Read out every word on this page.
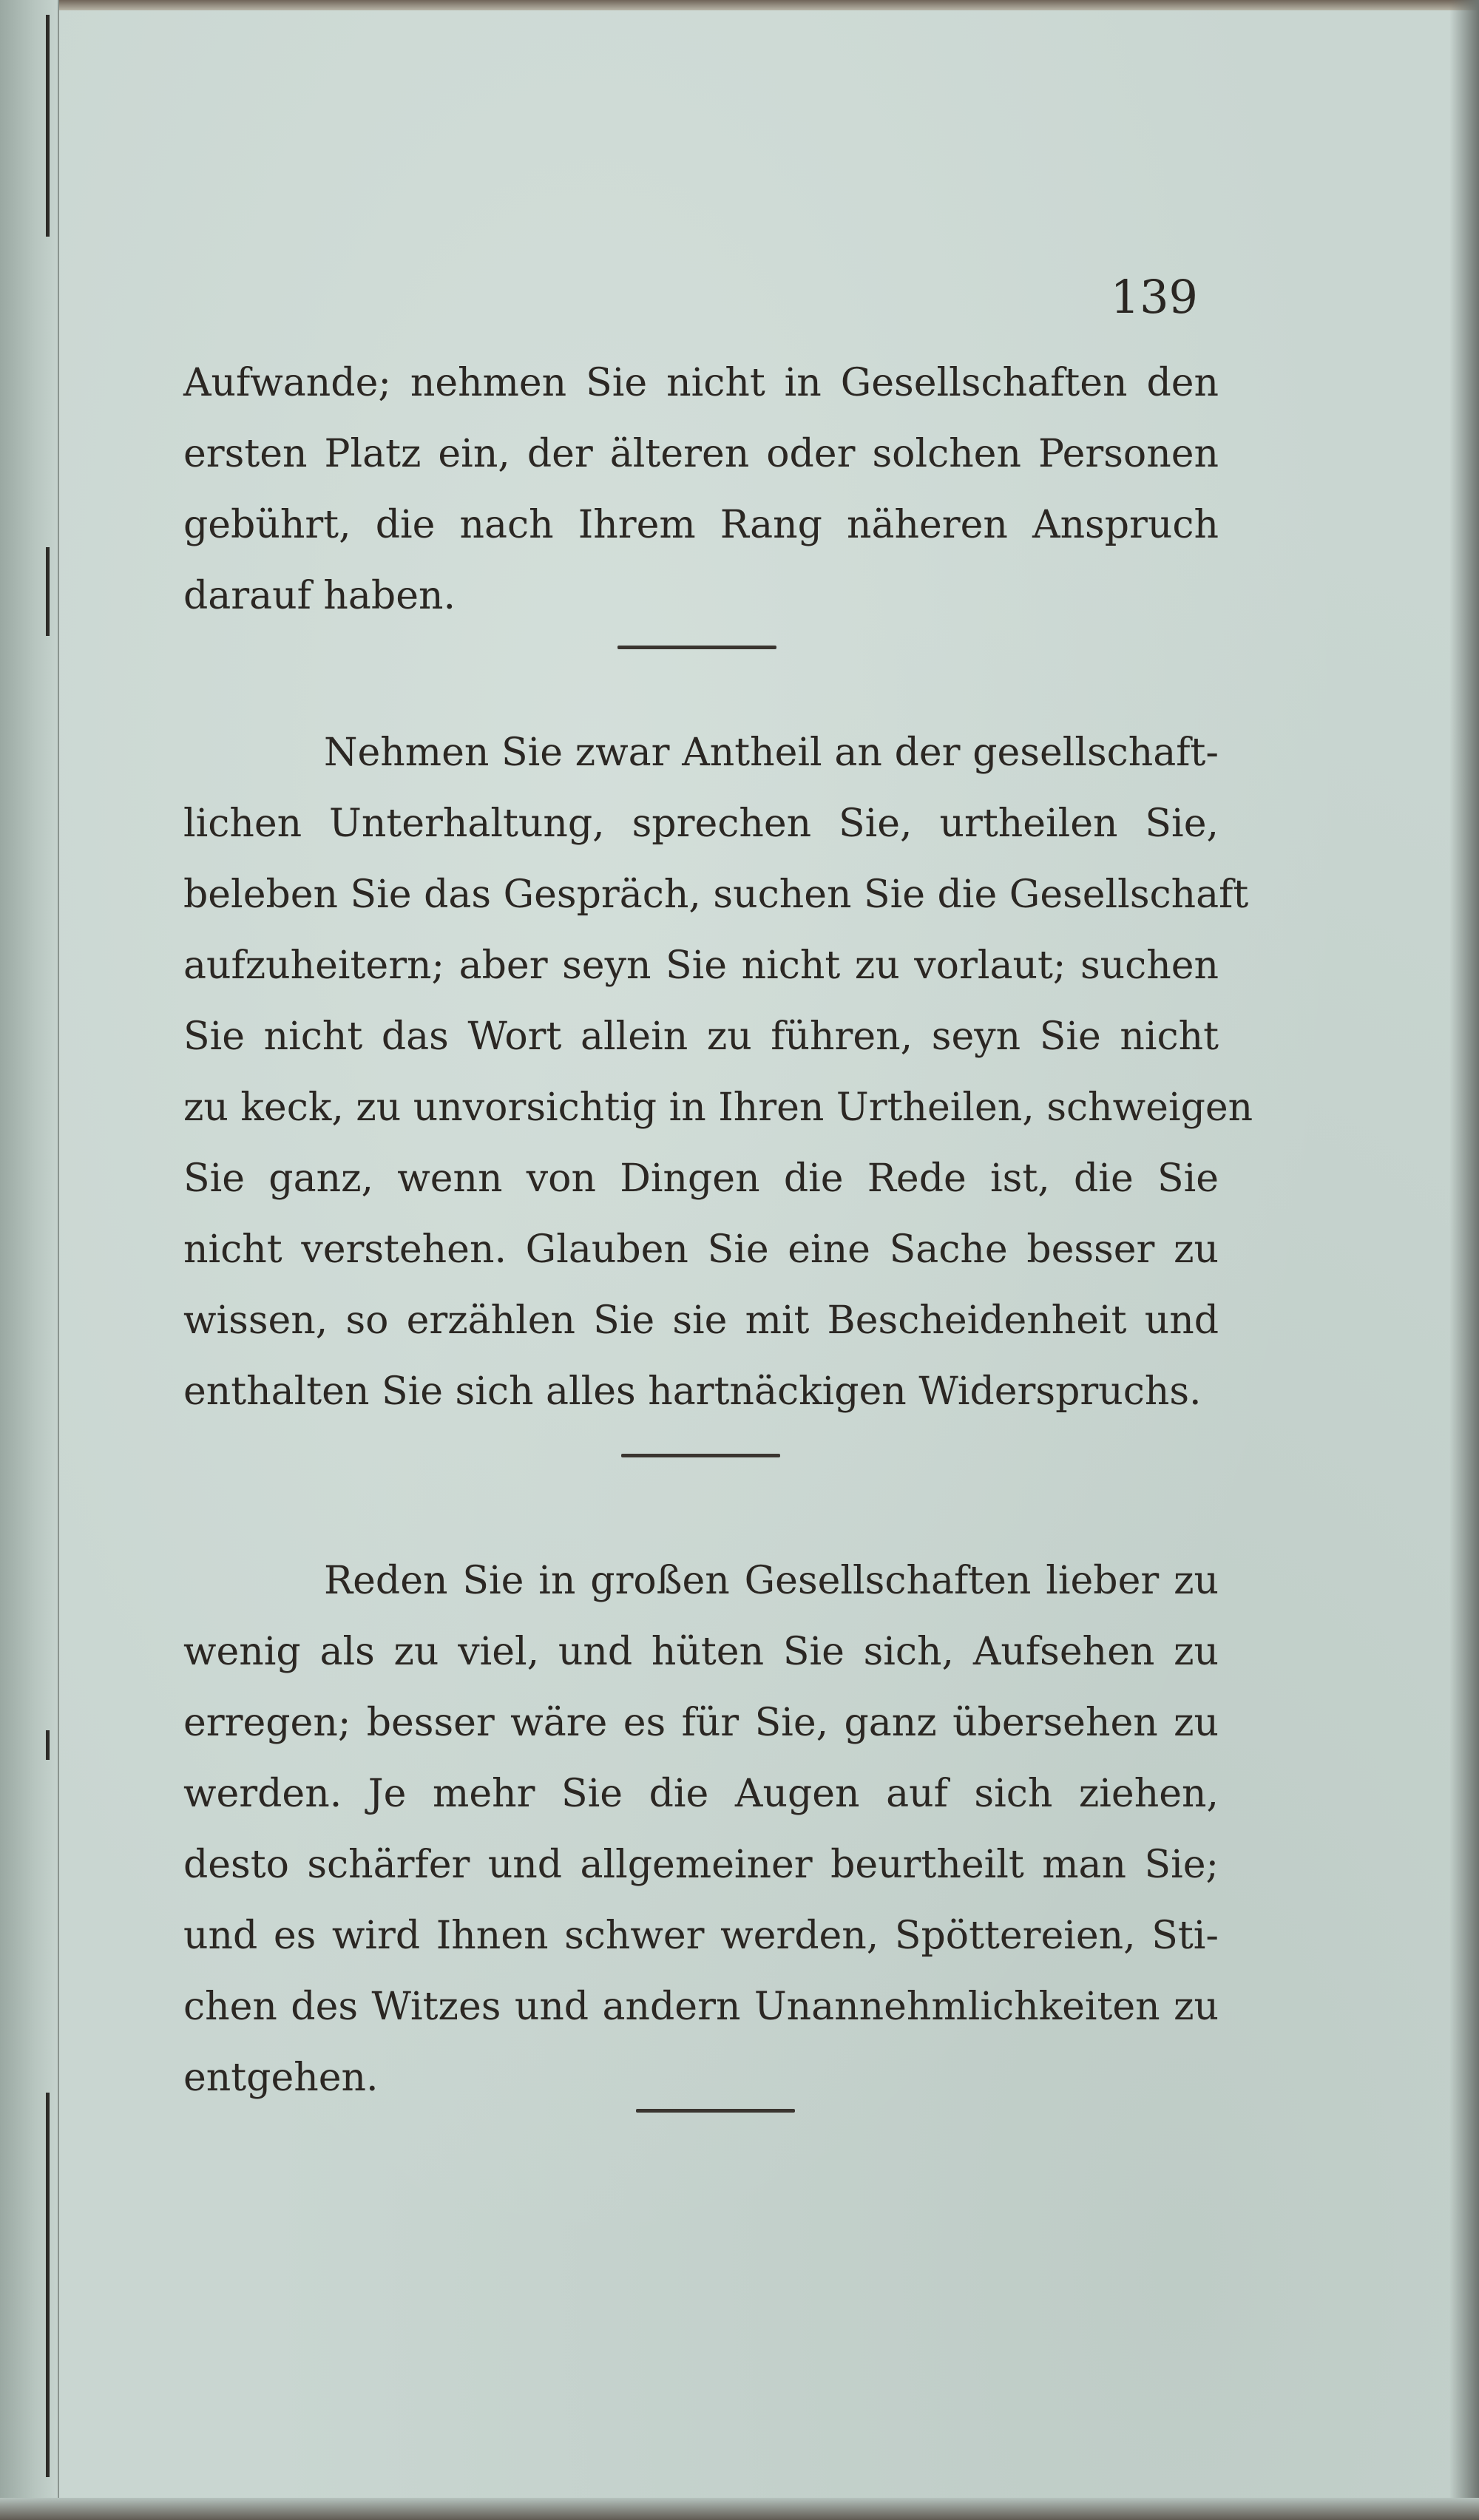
139
Aufwande; nehmen Sie nicht in Gesellschaften den
ersten Platz ein, der älteren oder solchen Personen
gebührt, die nach Ihrem Rang näheren Anspruch
darauf haben.
Nehmen Sie zwar Antheil an der gesellschaft-
lichen Unterhaltung, sprechen Sie, urtheilen Sie,
beleben Sie das Gespräch, suchen Sie die Gesellschaft
aufzuheitern; aber seyn Sie nicht zu vorlaut; suchen
Sie nicht das Wort allein zu führen, seyn Sie nicht
zu keck, zu unvorsichtig in Ihren Urtheilen, schweigen
Sie ganz, wenn von Dingen die Rede ist, die Sie
nicht verstehen. Glauben Sie eine Sache besser zu
wissen, so erzählen Sie sie mit Bescheidenheit und
enthalten Sie sich alles hartnäckigen Widerspruchs.
Reden Sie in großen Gesellschaften lieber zu
wenig als zu viel, und hüten Sie sich, Aufsehen zu
erregen; besser wäre es für Sie, ganz übersehen zu
werden. Je mehr Sie die Augen auf sich ziehen,
desto schärfer und allgemeiner beurtheilt man Sie;
und es wird Ihnen schwer werden, Spöttereien, Sti-
chen des Witzes und andern Unannehmlichkeiten zu
entgehen.
